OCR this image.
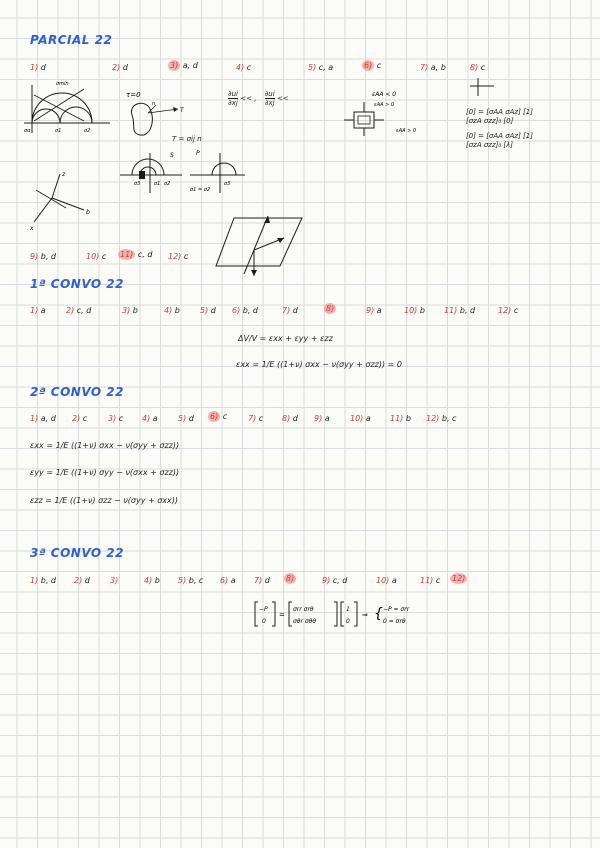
PARCIAL 22
1) d	2) d	3) a, d	4) c	5) c, a	6) c	7) a, b	8) c
σα	σ1	σ2
σmín
τ=0
n
T
$\frac{\partial ui}{\partial xj}$ << , $\frac{\partial ui}{\partial xj}$ <<	εAA < 0
εAA > 0
εAA > 0
[0] = [σAA σAz] [1]
[σzA σzz]₀ [0]
[0] = [σAA σAz] [1]
[σzA σzz]₀ [λ]
T = σij n
σ3	σ1 σ2
σ1 = σ2
σ3
S	P
z
b
x
9) b, d	10) c 11) c, d 12) c
1ª CONVO 22
1) a	2) c, d	3) b	4) b	5) d 6) b, d	7) d	8)	9) a	10) b 11) b, d	12) c
ΔV/V = εxx + εyy + εzz
εxx = 1/E ((1+ν) σxx − ν(σyy + σzz)) = 0
2ª CONVO 22
1) a, d 2) c	3) c 4) a	5) d 6) c	7) c 8) d 9) a	10) a 11) b 12) b, c
εxx = 1/E ((1+ν) σxx − ν(σyy + σzz))
εyy = 1/E ((1+ν) σyy − ν(σxx + σzz))
εzz = 1/E ((1+ν) σzz − ν(σyy + σxx))
3ª CONVO 22
1) b, d 2) d	3)	4) b 5) b, c 6) a 7) d 8)	9) c, d	10) a	11) c 12)
−P
0
=
σrr σrθ
σθr σθθ
1
0
⇒ { −P = σrr
0 = σrθ
